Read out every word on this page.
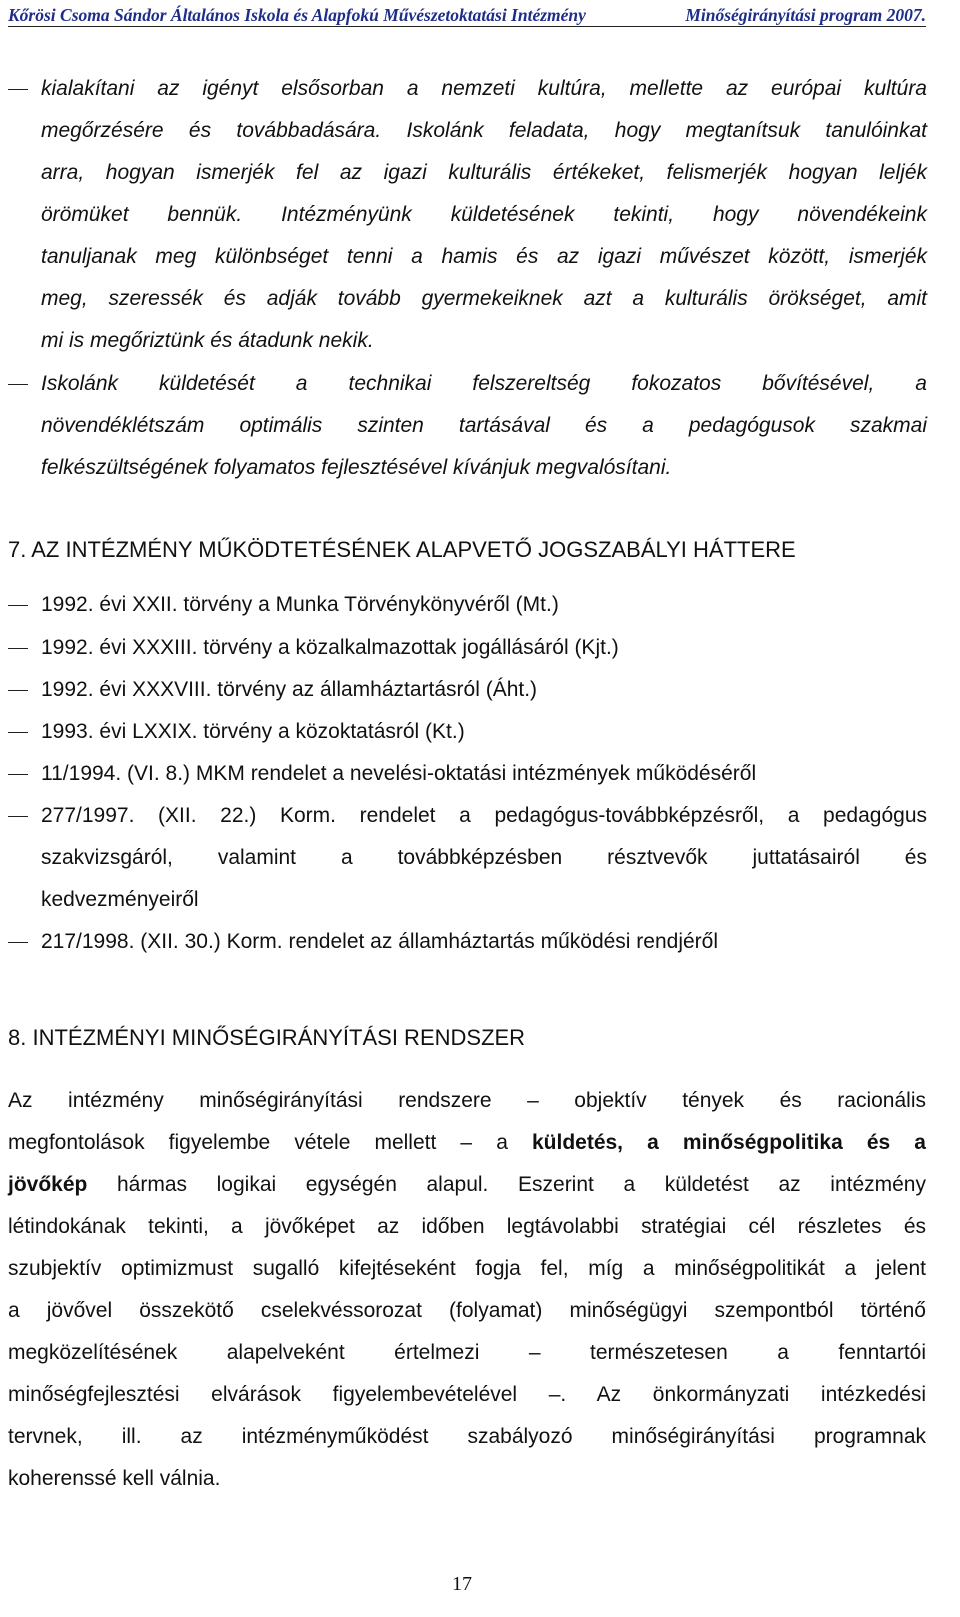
Kőrösi Csoma Sándor Általános Iskola és Alapfokú Művészetoktatási Intézmény	Minőségirányítási program 2007.
kialakítani az igényt elsősorban a nemzeti kultúra, mellette az európai kultúra
megőrzésére és továbbadására. Iskolánk feladata, hogy megtanítsuk tanulóinkat
arra, hogyan ismerjék fel az igazi kulturális értékeket, felismerjék hogyan leljék
örömüket bennük. Intézményünk küldetésének tekinti, hogy növendékeink
tanuljanak meg különbséget tenni a hamis és az igazi művészet között, ismerjék
meg, szeressék és adják tovább gyermekeiknek azt a kulturális örökséget, amit
mi is megőriztünk és átadunk nekik.
Iskolánk küldetését a technikai felszereltség fokozatos bővítésével, a
növendéklétszám optimális szinten tartásával és a pedagógusok szakmai
felkészültségének folyamatos fejlesztésével kívánjuk megvalósítani.
7. AZ INTÉZMÉNY MŰKÖDTETÉSÉNEK ALAPVETŐ JOGSZABÁLYI HÁTTERE
1992. évi XXII. törvény a Munka Törvénykönyvéről (Mt.)
1992. évi XXXIII. törvény a közalkalmazottak jogállásáról (Kjt.)
1992. évi XXXVIII. törvény az államháztartásról (Áht.)
1993. évi LXXIX. törvény a közoktatásról (Kt.)
11/1994. (VI. 8.) MKM rendelet a nevelési-oktatási intézmények működéséről
277/1997. (XII. 22.) Korm. rendelet a pedagógus-továbbképzésről, a pedagógus
szakvizsgáról, valamint a továbbképzésben résztvevők juttatásairól és
kedvezményeiről
217/1998. (XII. 30.) Korm. rendelet az államháztartás működési rendjéről
8. INTÉZMÉNYI MINŐSÉGIRÁNYÍTÁSI RENDSZER
Az intézmény minőségirányítási rendszere – objektív tények és racionális
megfontolások figyelembe vétele mellett – a küldetés, a minőségpolitika és a
jövőkép hármas logikai egységén alapul. Eszerint a küldetést az intézmény
létindokának tekinti, a jövőképet az időben legtávolabbi stratégiai cél részletes és
szubjektív optimizmust sugalló kifejtéseként fogja fel, míg a minőségpolitikát a jelent
a jövővel összekötő cselekvéssorozat (folyamat) minőségügyi szempontból történő
megközelítésének alapelveként értelmezi – természetesen a fenntartói
minőségfejlesztési elvárások figyelembevételével –. Az önkormányzati intézkedési
tervnek, ill. az intézményműködést szabályozó minőségirányítási programnak
koherenssé kell válnia.
17
